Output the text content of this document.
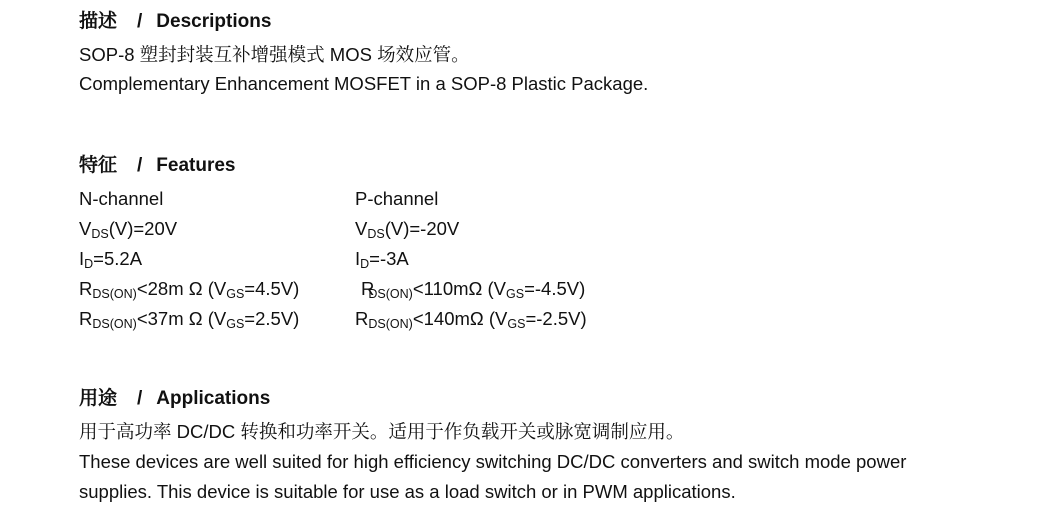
描述 / Descriptions
SOP-8 塑封封装互补增强模式 MOS 场效应管。
Complementary Enhancement MOSFET in a SOP-8 Plastic Package.
特征 / Features
N-channel
$V_{DS}(V)=20V$
$I_D=5.2A$
$R_{DS(ON)}<28m$ Ω $(V_{GS}=4.5V)$
$R_{DS(ON)}<37m$ Ω $(V_{GS}=2.5V)$
P-channel
$V_{DS}(V)=-20V$
$I_D=-3A$
$R_{DS(ON)}<110m\Omega$ $(V_{GS}=-4.5V)$
$R_{DS(ON)}<140m\Omega$ $(V_{GS}=-2.5V)$
用途 / Applications
用于高功率 DC/DC 转换和功率开关。适用于作负载开关或脉宽调制应用。
These devices are well suited for high efficiency switching DC/DC converters and switch mode power supplies. This device is suitable for use as a load switch or in PWM applications.
